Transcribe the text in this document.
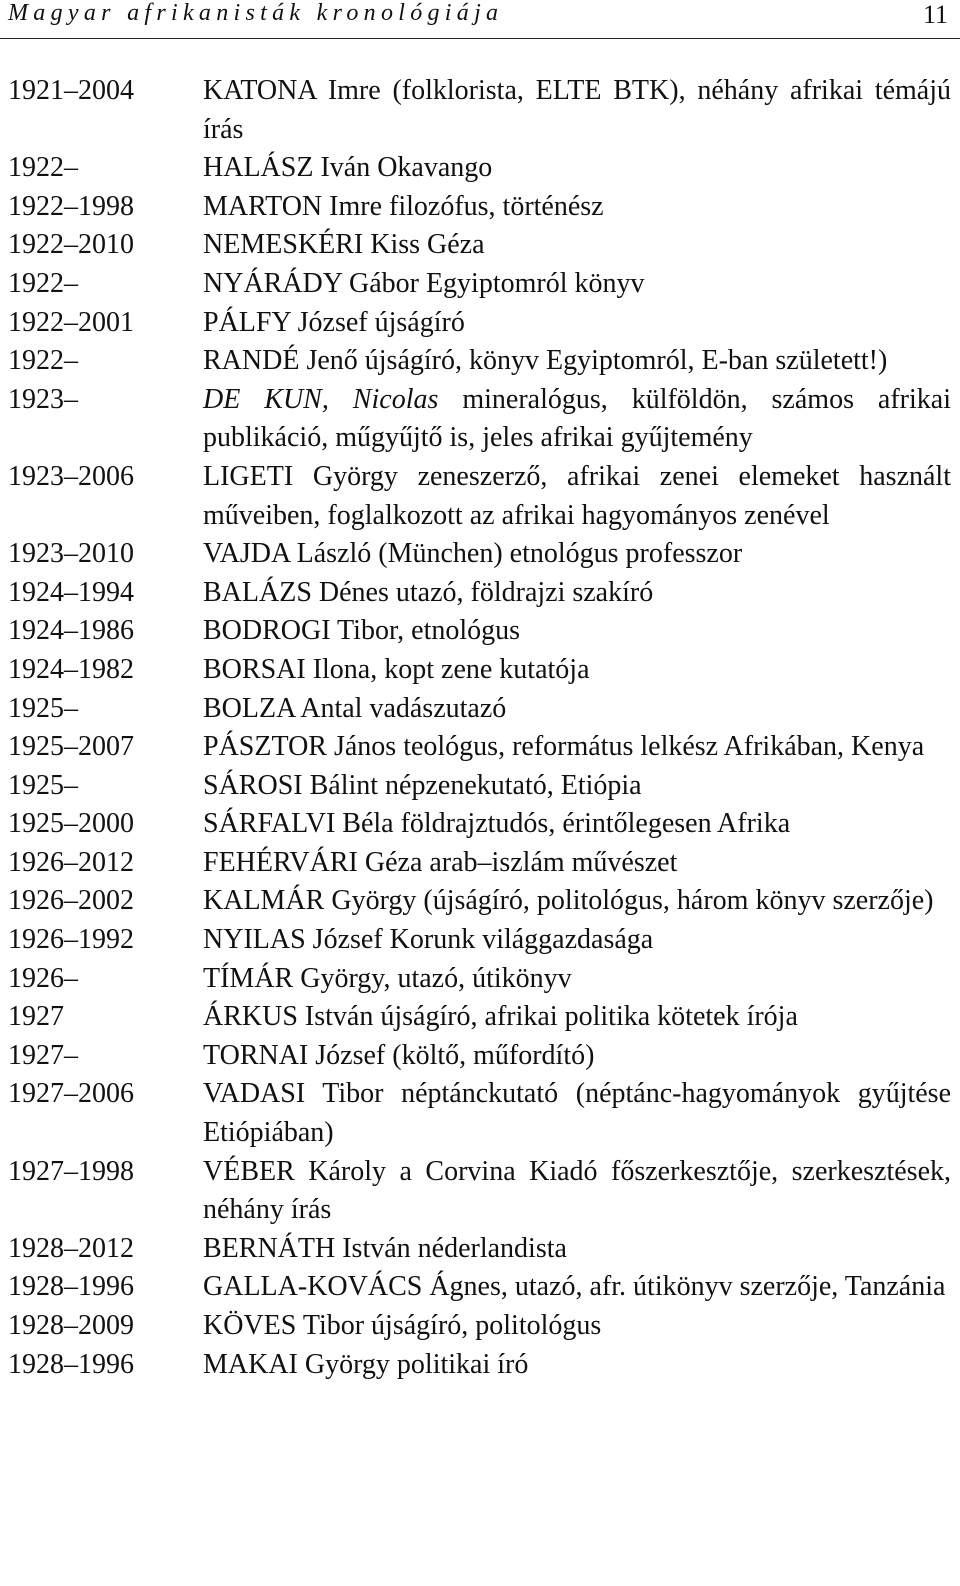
Magyar afrikanisták kronológiája	11
1921–2004	KATONA Imre (folklorista, ELTE BTK), néhány afrikai témájú írás
1922–	HALÁSZ Iván Okavango
1922–1998	MARTON Imre filozófus, történész
1922–2010	NEMESKÉRI Kiss Géza
1922–	NYÁRÁDY Gábor Egyiptomról könyv
1922–2001	PÁLFY József újságíró
1922–	RANDÉ Jenő újságíró, könyv Egyiptomról, E-ban született!)
1923–	DE KUN, Nicolas mineralógus, külföldön, számos afrikai publikáció, műgyűjtő is, jeles afrikai gyűjtemény
1923–2006	LIGETI György zeneszerző, afrikai zenei elemeket használt műveiben, foglalkozott az afrikai hagyományos zenével
1923–2010	VAJDA László (München) etnológus professzor
1924–1994	BALÁZS Dénes utazó, földrajzi szakíró
1924–1986	BODROGI Tibor, etnológus
1924–1982	BORSAI Ilona, kopt zene kutatója
1925–	BOLZA Antal vadászutazó
1925–2007	PÁSZTOR János teológus, református lelkész Afrikában, Kenya
1925–	SÁROSI Bálint népzenekutató, Etiópia
1925–2000	SÁRFALVI Béla földrajztudós, érintőlegesen Afrika
1926–2012	FEHÉRVÁRI Géza arab–iszlám művészet
1926–2002	KALMÁR György (újságíró, politológus, három könyv szerzője)
1926–1992	NYILAS József Korunk világgazdasága
1926–	TÍMÁR György, utazó, útikönyv
1927	ÁRKUS István újságíró, afrikai politika kötetek írója
1927–	TORNAI József (költő, műfordító)
1927–2006	VADASI Tibor néptánckutató (néptánc-hagyományok gyűjtése Etiópiában)
1927–1998	VÉBER Károly a Corvina Kiadó főszerkesztője, szerkesztések, néhány írás
1928–2012	BERNÁTH István néderlandista
1928–1996	GALLA-KOVÁCS Ágnes, utazó, afr. útikönyv szerzője, Tanzánia
1928–2009	KÖVES Tibor újságíró, politológus
1928–1996	MAKAI György politikai író
